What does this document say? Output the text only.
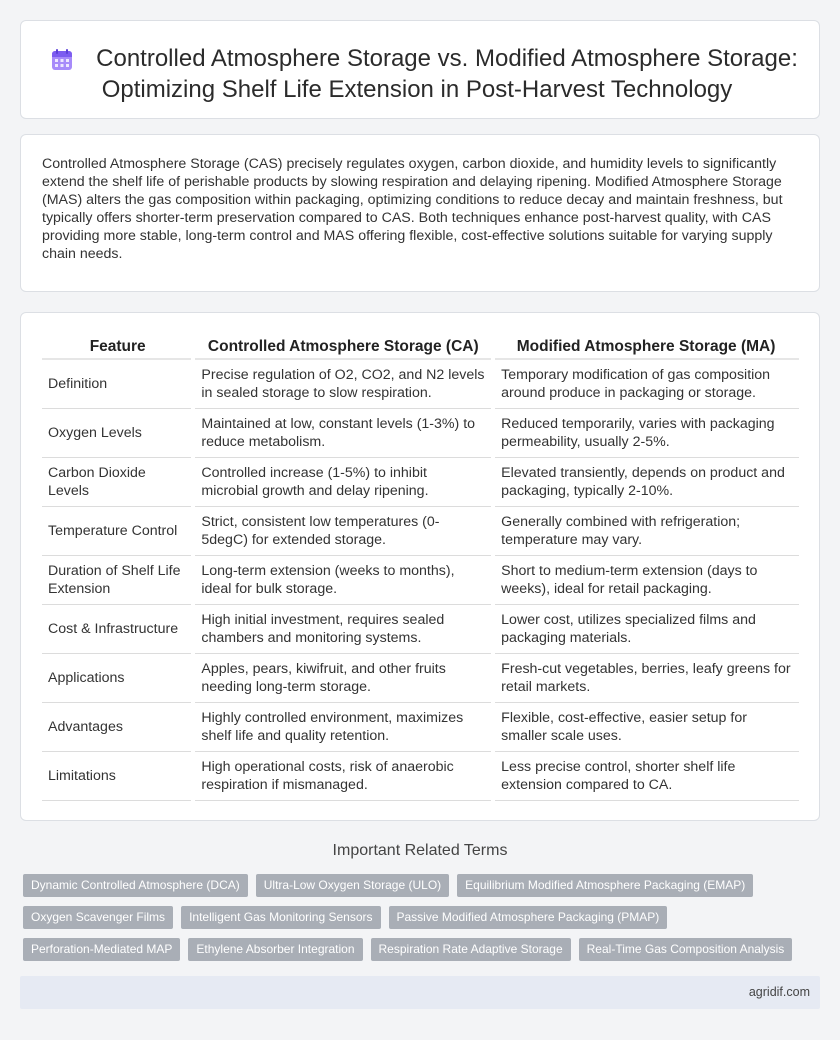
Controlled Atmosphere Storage vs. Modified Atmosphere Storage:
Optimizing Shelf Life Extension in Post-Harvest Technology

Controlled Atmosphere Storage (CAS) precisely regulates oxygen, carbon dioxide, and humidity levels to significantly extend the shelf life of perishable products by slowing respiration and delaying ripening. Modified Atmosphere Storage (MAS) alters the gas composition within packaging, optimizing conditions to reduce decay and maintain freshness, but typically offers shorter-term preservation compared to CAS. Both techniques enhance post-harvest quality, with CAS providing more stable, long-term control and MAS offering flexible, cost-effective solutions suitable for varying supply chain needs.

Feature	Controlled Atmosphere Storage (CA)	Modified Atmosphere Storage (MA)
Definition	Precise regulation of O2, CO2, and N2 levels in sealed storage to slow respiration.	Temporary modification of gas composition around produce in packaging or storage.
Oxygen Levels	Maintained at low, constant levels (1-3%) to reduce metabolism.	Reduced temporarily, varies with packaging permeability, usually 2-5%.
Carbon Dioxide Levels	Controlled increase (1-5%) to inhibit microbial growth and delay ripening.	Elevated transiently, depends on product and packaging, typically 2-10%.
Temperature Control	Strict, consistent low temperatures (0-5degC) for extended storage.	Generally combined with refrigeration; temperature may vary.
Duration of Shelf Life Extension	Long-term extension (weeks to months), ideal for bulk storage.	Short to medium-term extension (days to weeks), ideal for retail packaging.
Cost & Infrastructure	High initial investment, requires sealed chambers and monitoring systems.	Lower cost, utilizes specialized films and packaging materials.
Applications	Apples, pears, kiwifruit, and other fruits needing long-term storage.	Fresh-cut vegetables, berries, leafy greens for retail markets.
Advantages	Highly controlled environment, maximizes shelf life and quality retention.	Flexible, cost-effective, easier setup for smaller scale uses.
Limitations	High operational costs, risk of anaerobic respiration if mismanaged.	Less precise control, shorter shelf life extension compared to CA.
Important Related Terms
Dynamic Controlled Atmosphere (DCA)	Ultra-Low Oxygen Storage (ULO)	Equilibrium Modified Atmosphere Packaging (EMAP)
Oxygen Scavenger Films	Intelligent Gas Monitoring Sensors	Passive Modified Atmosphere Packaging (PMAP)
Perforation-Mediated MAP	Ethylene Absorber Integration	Respiration Rate Adaptive Storage	Real-Time Gas Composition Analysis
agridif.com
